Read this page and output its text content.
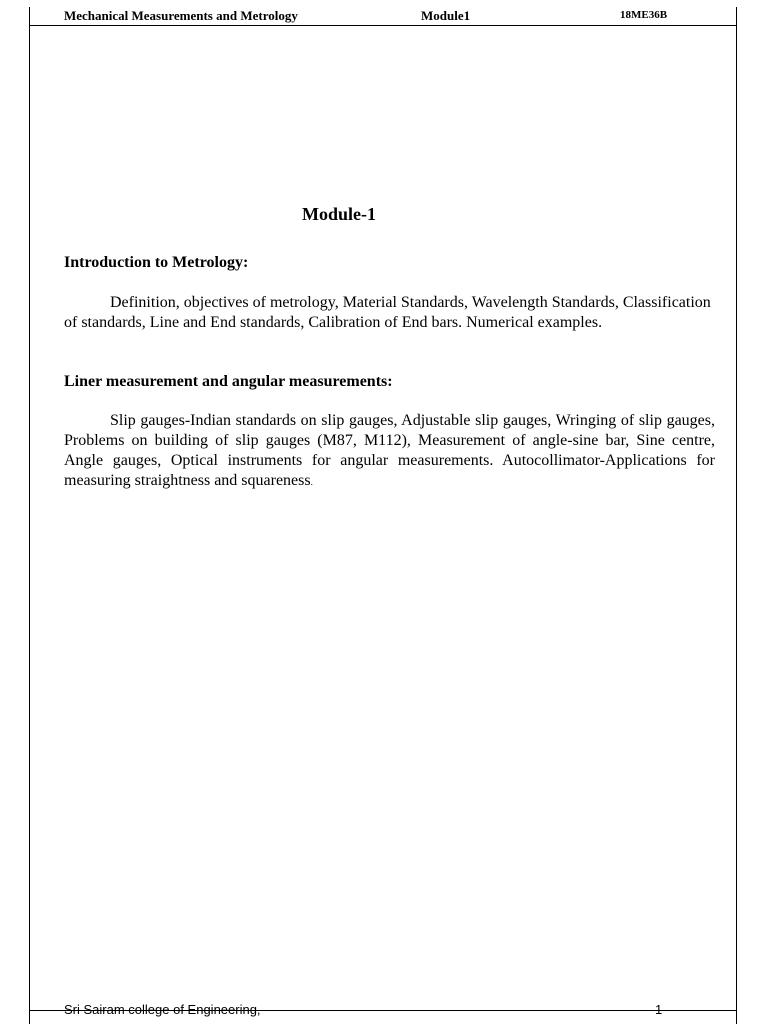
Mechanical Measurements and Metrology	Module1	18ME36B
Module-1
Introduction to Metrology:
Definition, objectives of metrology, Material Standards, Wavelength Standards, Classification of standards, Line and End standards, Calibration of End bars. Numerical examples.
Liner measurement and angular measurements:
Slip gauges-Indian standards on slip gauges, Adjustable slip gauges, Wringing of slip gauges, Problems on building of slip gauges (M87, M112), Measurement of angle-sine bar, Sine centre, Angle gauges, Optical instruments for angular measurements. Autocollimator-Applications for measuring straightness and squareness.
Sri Sairam college of Engineering,	1
